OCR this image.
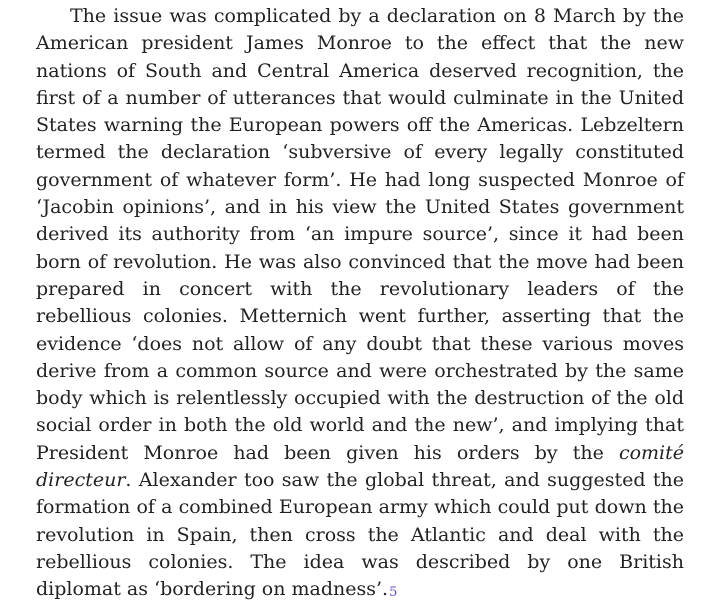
The issue was complicated by a declaration on 8 March by the American president James Monroe to the effect that the new nations of South and Central America deserved recognition, the first of a number of utterances that would culminate in the United States warning the European powers off the Americas. Lebzeltern termed the declaration ‘subversive of every legally constituted government of whatever form’. He had long suspected Monroe of ‘Jacobin opinions’, and in his view the United States government derived its authority from ‘an impure source’, since it had been born of revolution. He was also convinced that the move had been prepared in concert with the revolutionary leaders of the rebellious colonies. Metternich went further, asserting that the evidence ‘does not allow of any doubt that these various moves derive from a common source and were orchestrated by the same body which is relentlessly occupied with the destruction of the old social order in both the old world and the new’, and implying that President Monroe had been given his orders by the comité directeur. Alexander too saw the global threat, and suggested the formation of a combined European army which could put down the revolution in Spain, then cross the Atlantic and deal with the rebellious colonies. The idea was described by one British diplomat as ‘bordering on madness’.5
